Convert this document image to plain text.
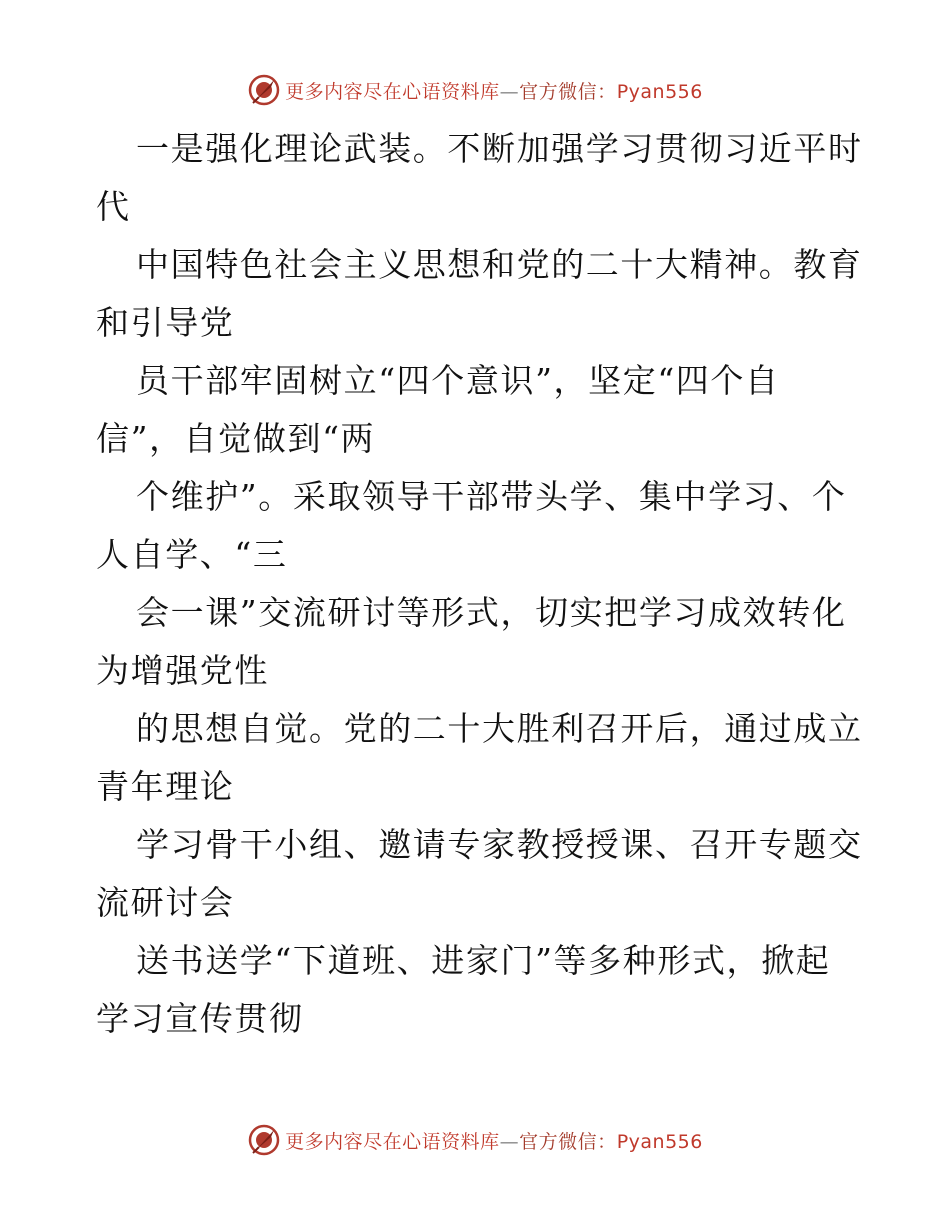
更多内容尽在心语资料库—官方微信：Pyan556
一是强化理论武装。不断加强学习贯彻习近平时
代
中国特色社会主义思想和党的二十大精神。教育
和引导党
员干部牢固树立“四个意识”，坚定“四个自
信”，自觉做到“两
个维护”。采取领导干部带头学、集中学习、个
人自学、“三
会一课”交流研讨等形式，切实把学习成效转化
为增强党性
的思想自觉。党的二十大胜利召开后，通过成立
青年理论
学习骨干小组、邀请专家教授授课、召开专题交
流研讨会
送书送学“下道班、进家门”等多种形式，掀起
学习宣传贯彻
更多内容尽在心语资料库—官方微信：Pyan556
